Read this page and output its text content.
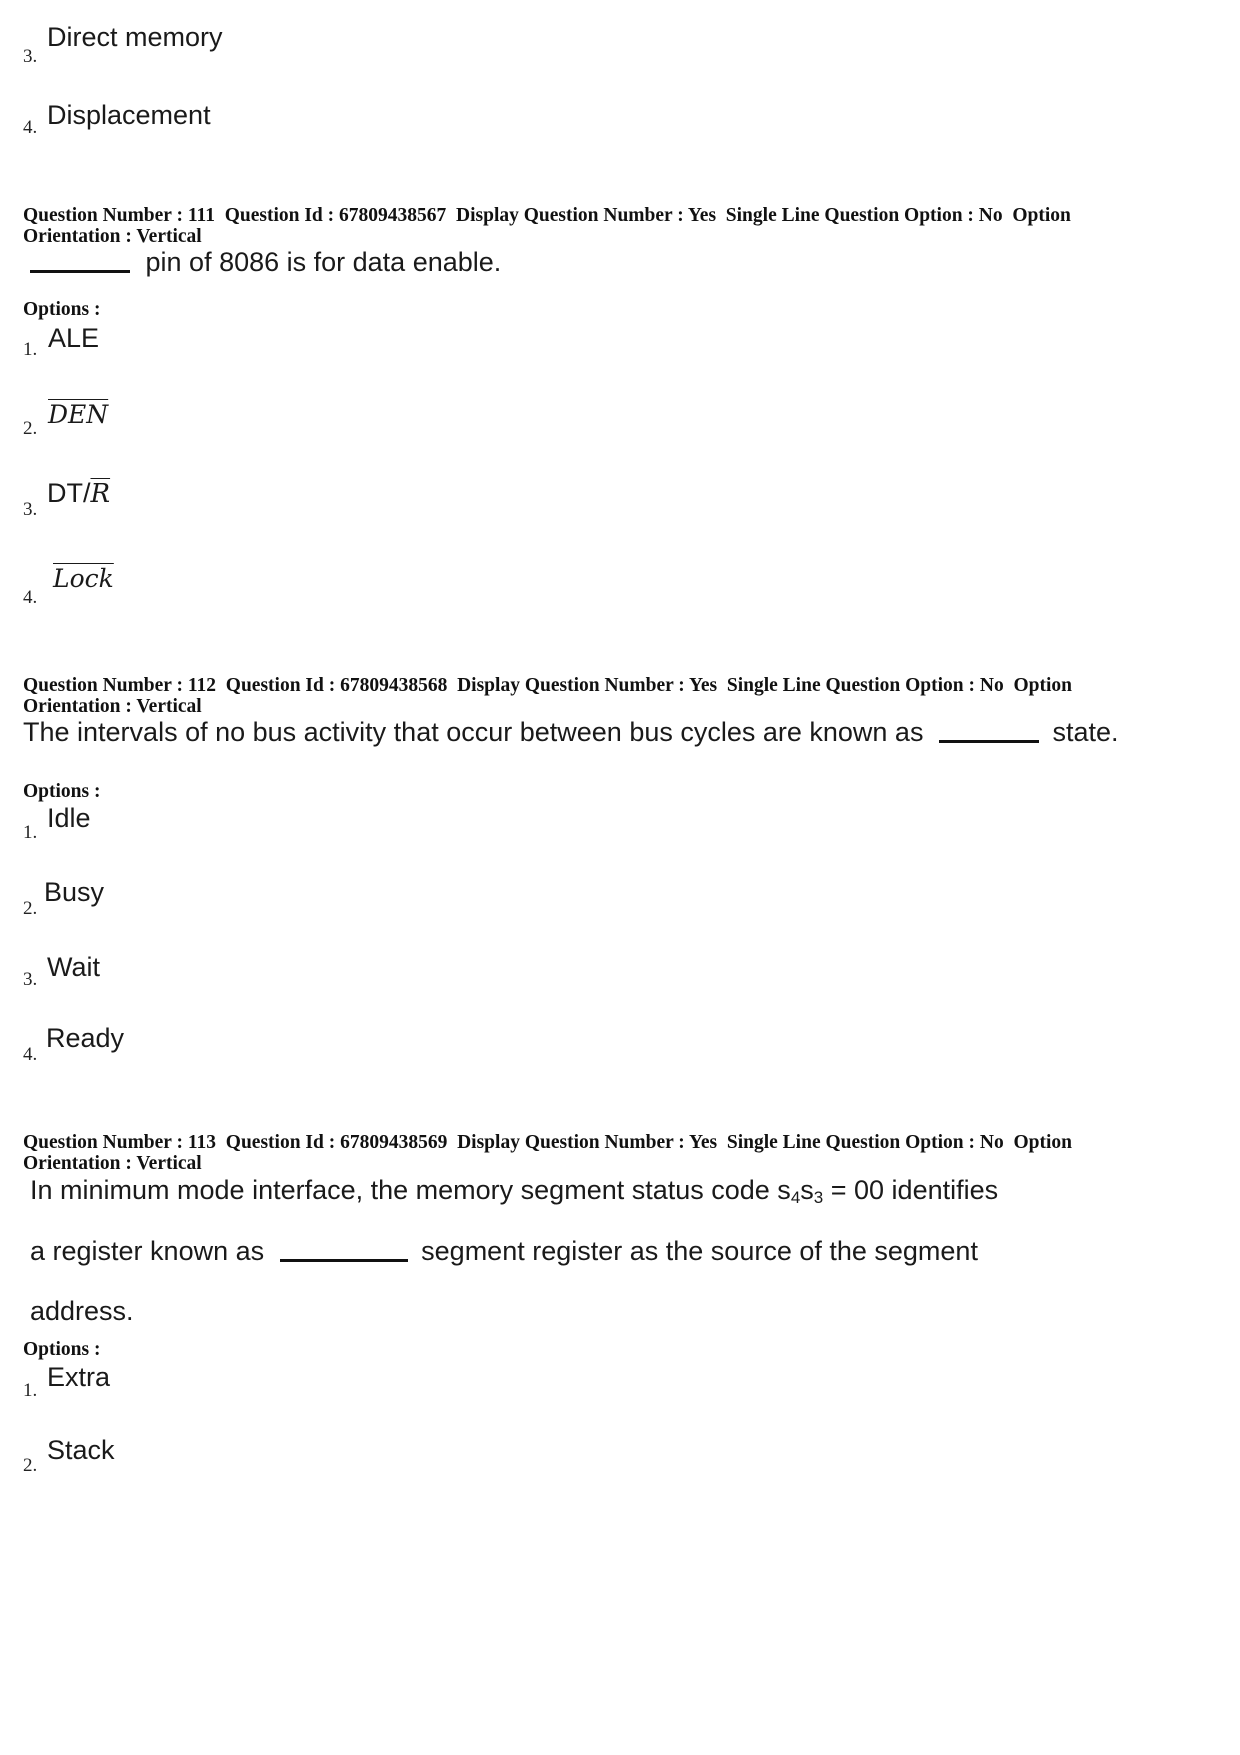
3.
Direct memory
4. Displacement
Question Number : 111  Question Id : 67809438567  Display Question Number : Yes  Single Line Question Option : No  Option
Orientation : Vertical
pin of 8086 is for data enable.
Options :
1. ALE
2. $\overline{DEN}$
3.
$DT/\overline{R}$
4.
Lock
Question Number : 112  Question Id : 67809438568  Display Question Number : Yes  Single Line Question Option : No  Option
Orientation : Vertical
The intervals of no bus activity that occur between bus cycles are known as	state.
Options :
1. Idle
2.
Busy
3. Wait
4.
Ready
Question Number : 113  Question Id : 67809438569  Display Question Number : Yes  Single Line Question Option : No  Option
Orientation : Vertical
In minimum mode interface, the memory segment status code $s_4s_3 = 00$ identifies
a register known as	segment register as the source of the segment
address.
Options :
1. Extra
2.
Stack
